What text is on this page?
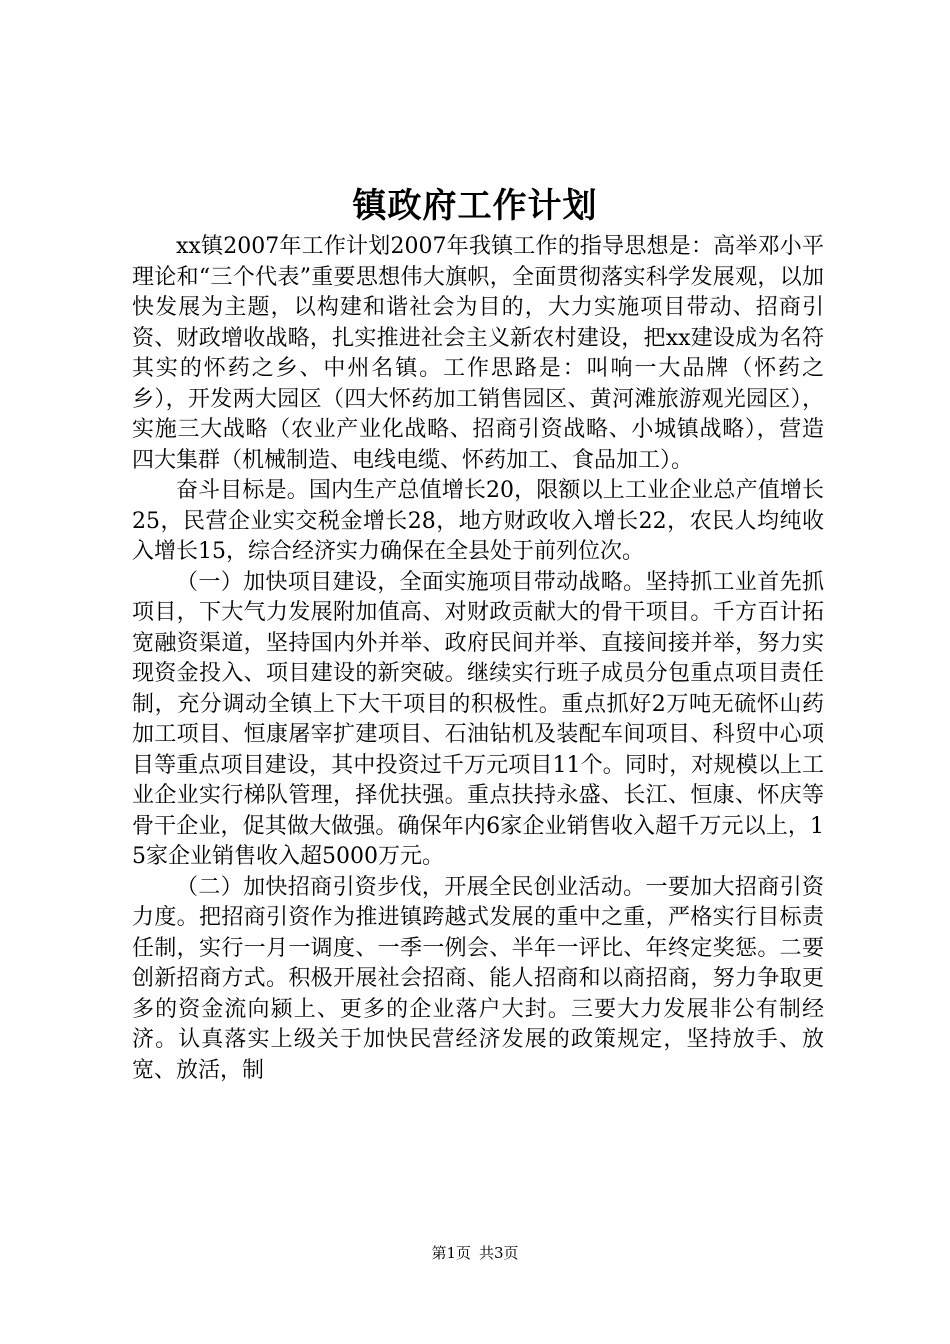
镇政府工作计划

xx镇2007年工作计划2007年我镇工作的指导思想是：高举邓小平理论和“三个代表”重要思想伟大旗帜，全面贯彻落实科学发展观，以加快发展为主题，以构建和谐社会为目的，大力实施项目带动、招商引资、财政增收战略，扎实推进社会主义新农村建设，把xx建设成为名符其实的怀药之乡、中州名镇。工作思路是：叫响一大品牌（怀药之乡），开发两大园区（四大怀药加工销售园区、黄河滩旅游观光园区），实施三大战略（农业产业化战略、招商引资战略、小城镇战略），营造四大集群（机械制造、电线电缆、怀药加工、食品加工）。

奋斗目标是。国内生产总值增长20，限额以上工业企业总产值增长25，民营企业实交税金增长28，地方财政收入增长22，农民人均纯收入增长15，综合经济实力确保在全县处于前列位次。

（一）加快项目建设，全面实施项目带动战略。坚持抓工业首先抓项目，下大气力发展附加值高、对财政贡献大的骨干项目。千方百计拓宽融资渠道，坚持国内外并举、政府民间并举、直接间接并举，努力实现资金投入、项目建设的新突破。继续实行班子成员分包重点项目责任制，充分调动全镇上下大干项目的积极性。重点抓好2万吨无硫怀山药加工项目、恒康屠宰扩建项目、石油钻机及装配车间项目、科贸中心项目等重点项目建设，其中投资过千万元项目11个。同时，对规模以上工业企业实行梯队管理，择优扶强。重点扶持永盛、长江、恒康、怀庆等骨干企业，促其做大做强。确保年内6家企业销售收入超千万元以上，15家企业销售收入超5000万元。

（二）加快招商引资步伐，开展全民创业活动。一要加大招商引资力度。把招商引资作为推进镇跨越式发展的重中之重，严格实行目标责任制，实行一月一调度、一季一例会、半年一评比、年终定奖惩。二要创新招商方式。积极开展社会招商、能人招商和以商招商，努力争取更多的资金流向颍上、更多的企业落户大封。三要大力发展非公有制经济。认真落实上级关于加快民营经济发展的政策规定，坚持放手、放宽、放活，制

第1页 共3页
